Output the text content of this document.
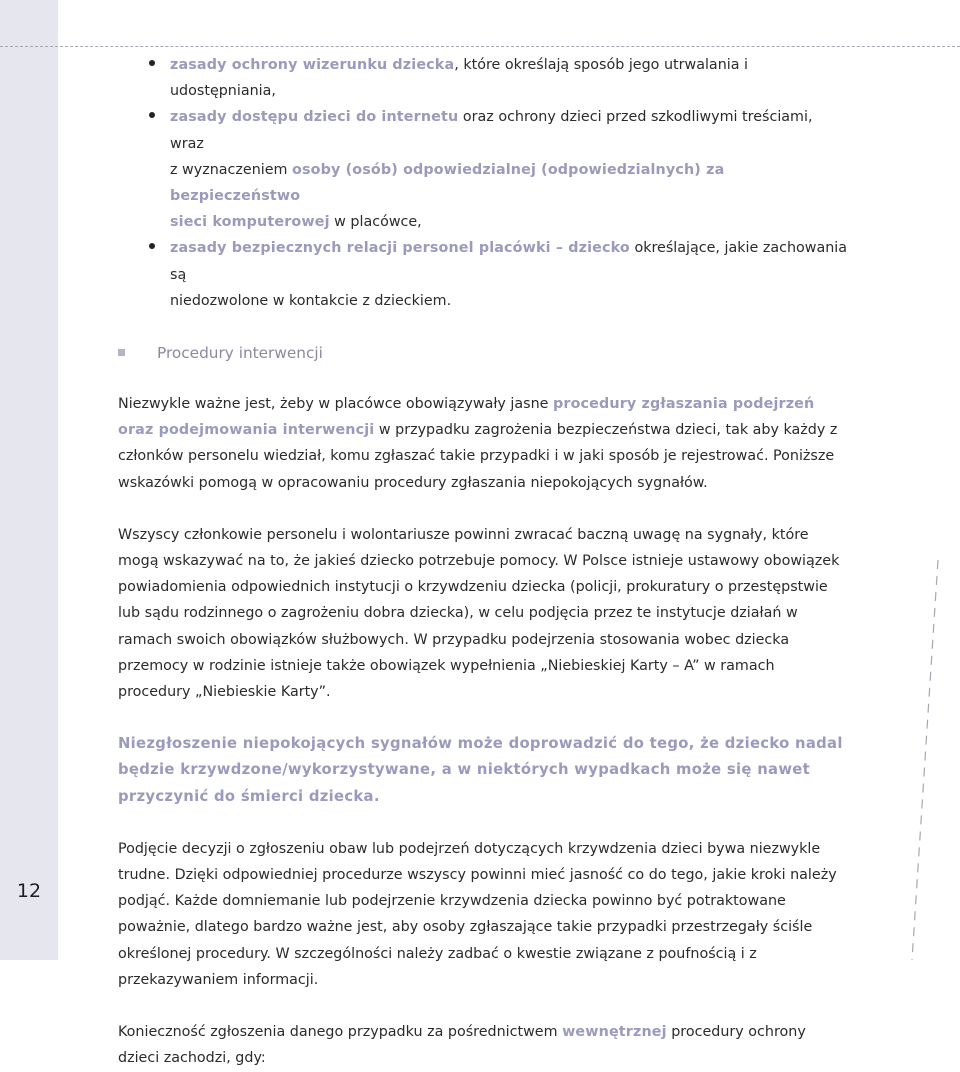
12
zasady ochrony wizerunku dziecka, które określają sposób jego utrwalania i udostępniania,
zasady dostępu dzieci do internetu oraz ochrony dzieci przed szkodliwymi treściami, wraz
z wyznaczeniem osoby (osób) odpowiedzialnej (odpowiedzialnych) za bezpieczeństwo
sieci komputerowej w placówce,
zasady bezpiecznych relacji personel placówki – dziecko określające, jakie zachowania są
niedozwolone w kontakcie z dzieckiem.
Procedury interwencji

Niezwykle ważne jest, żeby w placówce obowiązywały jasne procedury zgłaszania podejrzeń oraz podejmowania interwencji w przypadku zagrożenia bezpieczeństwa dzieci, tak aby każdy z członków personelu wiedział, komu zgłaszać takie przypadki i w jaki sposób je rejestrować. Poniższe wskazówki pomogą w opracowaniu procedury zgłaszania niepokojących sygnałów.

Wszyscy członkowie personelu i wolontariusze powinni zwracać baczną uwagę na sygnały, które mogą wskazywać na to, że jakieś dziecko potrzebuje pomocy. W Polsce istnieje ustawowy obowiązek powiadomienia odpowiednich instytucji o krzywdzeniu dziecka (policji, prokuratury o przestępstwie lub sądu rodzinnego o zagrożeniu dobra dziecka), w celu podjęcia przez te instytucje działań w ramach swoich obowiązków służbowych. W przypadku podejrzenia stosowania wobec dziecka przemocy w rodzinie istnieje także obowiązek wypełnienia „Niebieskiej Karty – A” w ramach procedury „Niebieskie Karty”.

Niezgłoszenie niepokojących sygnałów może doprowadzić do tego, że dziecko nadal będzie krzywdzone/wykorzystywane, a w niektórych wypadkach może się nawet przyczynić do śmierci dziecka.

Podjęcie decyzji o zgłoszeniu obaw lub podejrzeń dotyczących krzywdzenia dzieci bywa niezwykle trudne. Dzięki odpowiedniej procedurze wszyscy powinni mieć jasność co do tego, jakie kroki należy podjąć. Każde domniemanie lub podejrzenie krzywdzenia dziecka powinno być potraktowane poważnie, dlatego bardzo ważne jest, aby osoby zgłaszające takie przypadki przestrzegały ściśle określonej procedury. W szczególności należy zadbać o kwestie związane z poufnością i z przekazywaniem informacji.

Konieczność zgłoszenia danego przypadku za pośrednictwem wewnętrznej procedury ochrony dzieci zachodzi, gdy:
